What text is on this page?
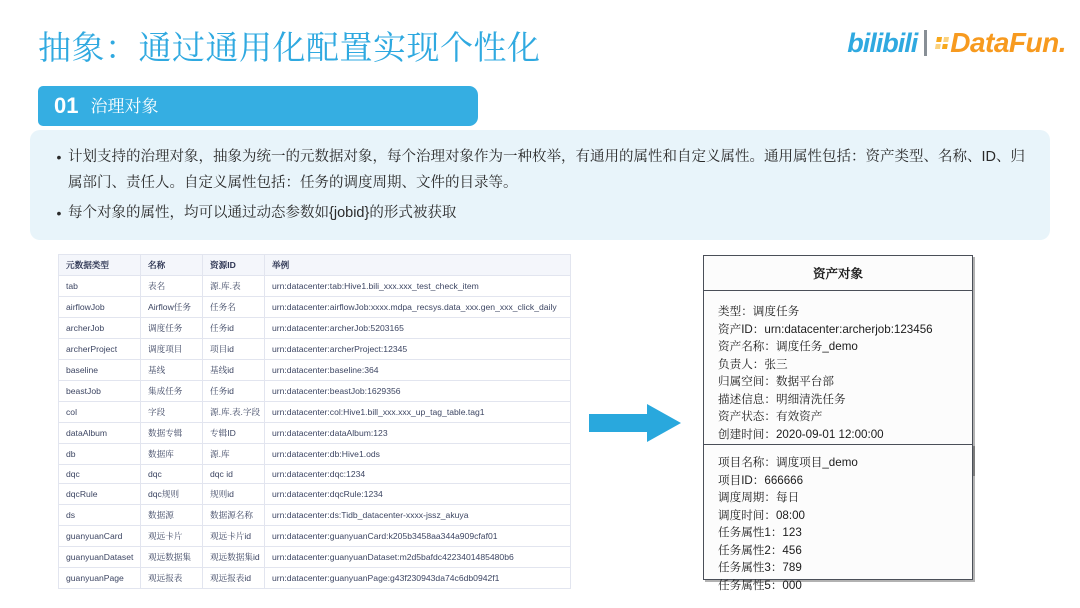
抽象：通过通用化配置实现个性化	bilibili DataFun.
01 治理对象
• 计划支持的治理对象，抽象为统一的元数据对象，每个治理对象作为一种枚举，有通用的属性和自定义属性。通用属性包括：资产类型、名称、ID、归属部门、责任人。自定义属性包括：任务的调度周期、文件的目录等。
• 每个对象的属性，均可以通过动态参数如{jobid}的形式被获取
元数据类型	名称	资源ID	举例
tab	表名	源.库.表	urn:datacenter:tab:Hive1.bili_xxx.xxx_test_check_item
airflowJob	Airflow任务	任务名	urn:datacenter:airflowJob:xxxx.mdpa_recsys.data_xxx.gen_xxx_click_daily
archerJob	调度任务	任务id	urn:datacenter:archerJob:5203165
archerProject	调度项目	项目id	urn:datacenter:archerProject:12345
baseline	基线	基线id	urn:datacenter:baseline:364
beastJob	集成任务	任务id	urn:datacenter:beastJob:1629356
col	字段	源.库.表.字段	urn:datacenter:col:Hive1.bill_xxx.xxx_up_tag_table.tag1
dataAlbum	数据专辑	专辑ID	urn:datacenter:dataAlbum:123
db	数据库	源.库	urn:datacenter:db:Hive1.ods
dqc	dqc	dqc id	urn:datacenter:dqc:1234
dqcRule	dqc规则	规则id	urn:datacenter:dqcRule:1234
ds	数据源	数据源名称	urn:datacenter:ds:Tidb_datacenter-xxxx-jssz_akuya
guanyuanCard	观远卡片	观远卡片id	urn:datacenter:guanyuanCard:k205b3458aa344a909cfaf01
guanyuanDataset	观远数据集	观远数据集id	urn:datacenter:guanyuanDataset:m2d5bafdc4223401485480b6
guanyuanPage	观远报表	观远报表id	urn:datacenter:guanyuanPage:g43f230943da74c6db0942f1
资产对象
类型：调度任务
资产ID：urn:datacenter:archerjob:123456
资产名称：调度任务_demo
负责人：张三
归属空间：数据平台部
描述信息：明细清洗任务
资产状态：有效资产
创建时间：2020-09-01 12:00:00
项目名称：调度项目_demo
项目ID：666666
调度周期：每日
调度时间：08:00
任务属性1：123
任务属性2：456
任务属性3：789
任务属性5：000
